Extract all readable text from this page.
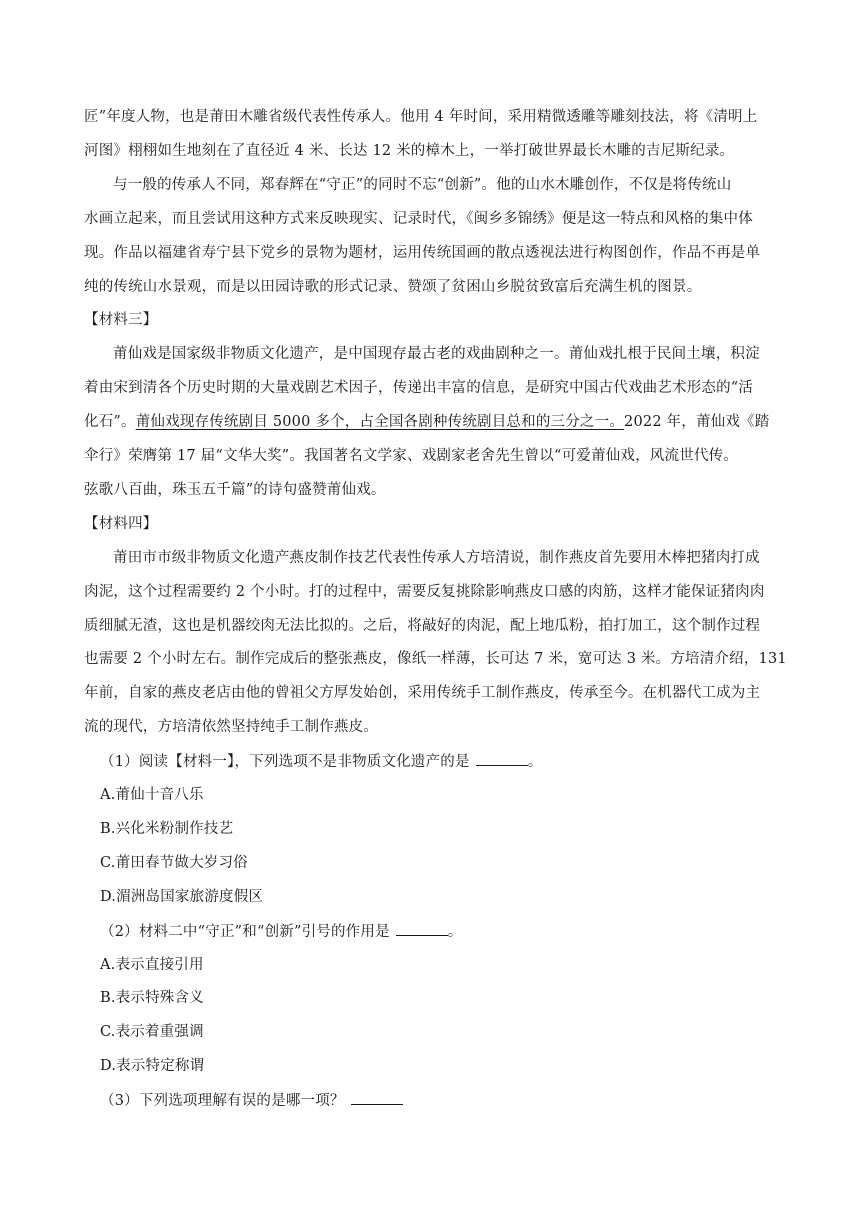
匠”年度人物，也是莆田木雕省级代表性传承人。他用 4 年时间，采用精微透雕等雕刻技法，将《清明上
河图》栩栩如生地刻在了直径近 4 米、长达 12 米的樟木上，一举打破世界最长木雕的吉尼斯纪录。
与一般的传承人不同，郑春辉在“守正”的同时不忘“创新”。他的山水木雕创作，不仅是将传统山
水画立起来，而且尝试用这种方式来反映现实、记录时代，《闽乡多锦绣》便是这一特点和风格的集中体
现。作品以福建省寿宁县下党乡的景物为题材，运用传统国画的散点透视法进行构图创作，作品不再是单
纯的传统山水景观，而是以田园诗歌的形式记录、赞颂了贫困山乡脱贫致富后充满生机的图景。
【材料三】
莆仙戏是国家级非物质文化遗产，是中国现存最古老的戏曲剧种之一。莆仙戏扎根于民间土壤，积淀
着由宋到清各个历史时期的大量戏剧艺术因子，传递出丰富的信息，是研究中国古代戏曲艺术形态的“活
化石”。莆仙戏现存传统剧目 5000 多个，占全国各剧种传统剧目总和的三分之一。2022 年，莆仙戏《踏
伞行》荣膺第 17 届“文华大奖”。我国著名文学家、戏剧家老舍先生曾以“可爱莆仙戏，风流世代传。
弦歌八百曲，珠玉五千篇”的诗句盛赞莆仙戏。
【材料四】
莆田市市级非物质文化遗产燕皮制作技艺代表性传承人方培清说，制作燕皮首先要用木棒把猪肉打成
肉泥，这个过程需要约 2 个小时。打的过程中，需要反复挑除影响燕皮口感的肉筋，这样才能保证猪肉肉
质细腻无渣，这也是机器绞肉无法比拟的。之后，将敲好的肉泥，配上地瓜粉，拍打加工，这个制作过程
也需要 2 个小时左右。制作完成后的整张燕皮，像纸一样薄，长可达 7 米，宽可达 3 米。方培清介绍，131
年前，自家的燕皮老店由他的曾祖父方厚发始创，采用传统手工制作燕皮，传承至今。在机器代工成为主
流的现代，方培清依然坚持纯手工制作燕皮。
（1）阅读【材料一】，下列选项不是非物质文化遗产的是	。
A.莆仙十音八乐
B.兴化米粉制作技艺
C.莆田春节做大岁习俗
D.湄洲岛国家旅游度假区
（2）材料二中“守正”和“创新”引号的作用是	。
A.表示直接引用
B.表示特殊含义
C.表示着重强调
D.表示特定称谓
（3）下列选项理解有误的是哪一项？
